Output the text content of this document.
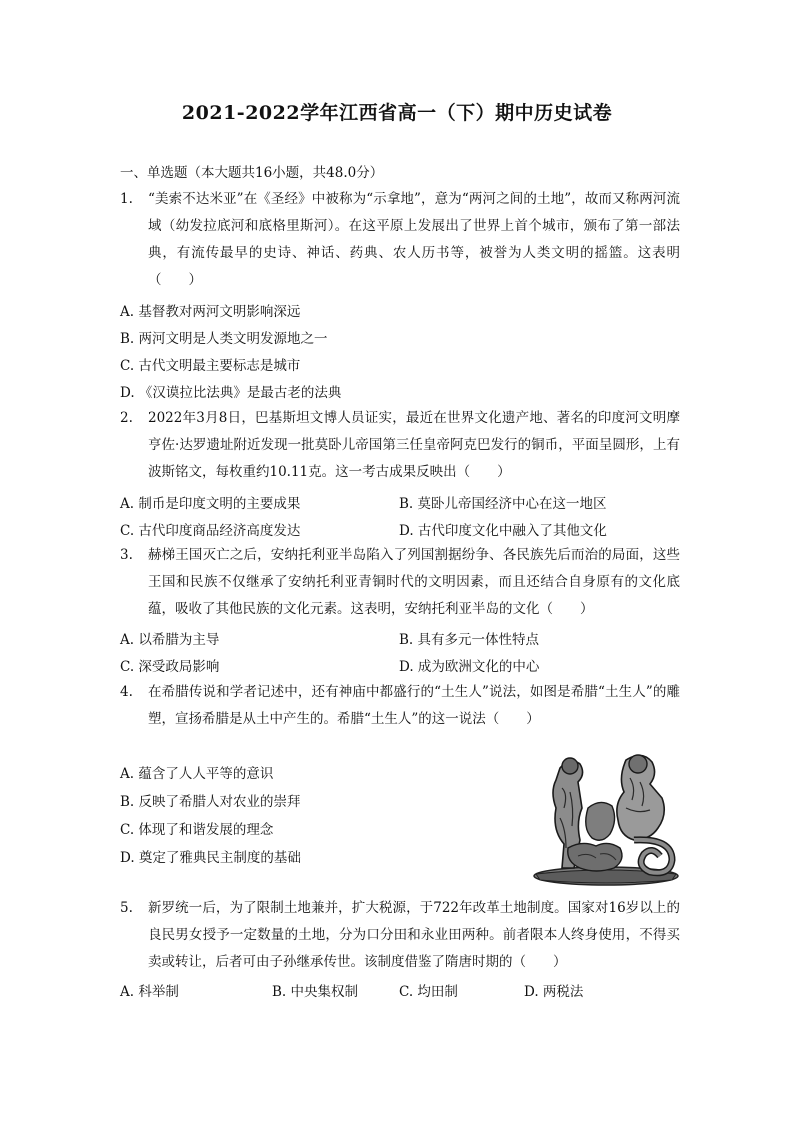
2021-2022学年江西省高一（下）期中历史试卷
一、单选题（本大题共16小题，共48.0分）
1. “美索不达米亚”在《圣经》中被称为“示拿地”，意为“两河之间的土地”，故而又称两河流域（幼发拉底河和底格里斯河）。在这平原上发展出了世界上首个城市，颁布了第一部法典，有流传最早的史诗、神话、药典、农人历书等，被誉为人类文明的摇篮。这表明（　　）
A. 基督教对两河文明影响深远
B. 两河文明是人类文明发源地之一
C. 古代文明最主要标志是城市
D. 《汉谟拉比法典》是最古老的法典
2. 2022年3月8日，巴基斯坦文博人员证实，最近在世界文化遗产地、著名的印度河文明摩亨佐·达罗遗址附近发现一批莫卧儿帝国第三任皇帝阿克巴发行的铜币，平面呈圆形，上有波斯铭文，每枚重约10.11克。这一考古成果反映出（　　）
A. 制币是印度文明的主要成果	B. 莫卧儿帝国经济中心在这一地区
C. 古代印度商品经济高度发达	D. 古代印度文化中融入了其他文化
3. 赫梯王国灭亡之后，安纳托利亚半岛陷入了列国割据纷争、各民族先后而治的局面，这些王国和民族不仅继承了安纳托利亚青铜时代的文明因素，而且还结合自身原有的文化底蕴，吸收了其他民族的文化元素。这表明，安纳托利亚半岛的文化（　　）
A. 以希腊为主导	B. 具有多元一体性特点
C. 深受政局影响	D. 成为欧洲文化的中心
4. 在希腊传说和学者记述中，还有神庙中都盛行的“土生人”说法，如图是希腊“土生人”的雕塑，宣扬希腊是从土中产生的。希腊“土生人”的这一说法（　　）
A. 蕴含了人人平等的意识
B. 反映了希腊人对农业的崇拜
C. 体现了和谐发展的理念
D. 奠定了雅典民主制度的基础
5. 新罗统一后，为了限制土地兼并，扩大税源，于722年改革土地制度。国家对16岁以上的良民男女授予一定数量的土地，分为口分田和永业田两种。前者限本人终身使用，不得买卖或转让，后者可由子孙继承传世。该制度借鉴了隋唐时期的（　　）
A. 科举制	B. 中央集权制	C. 均田制	D. 两税法
